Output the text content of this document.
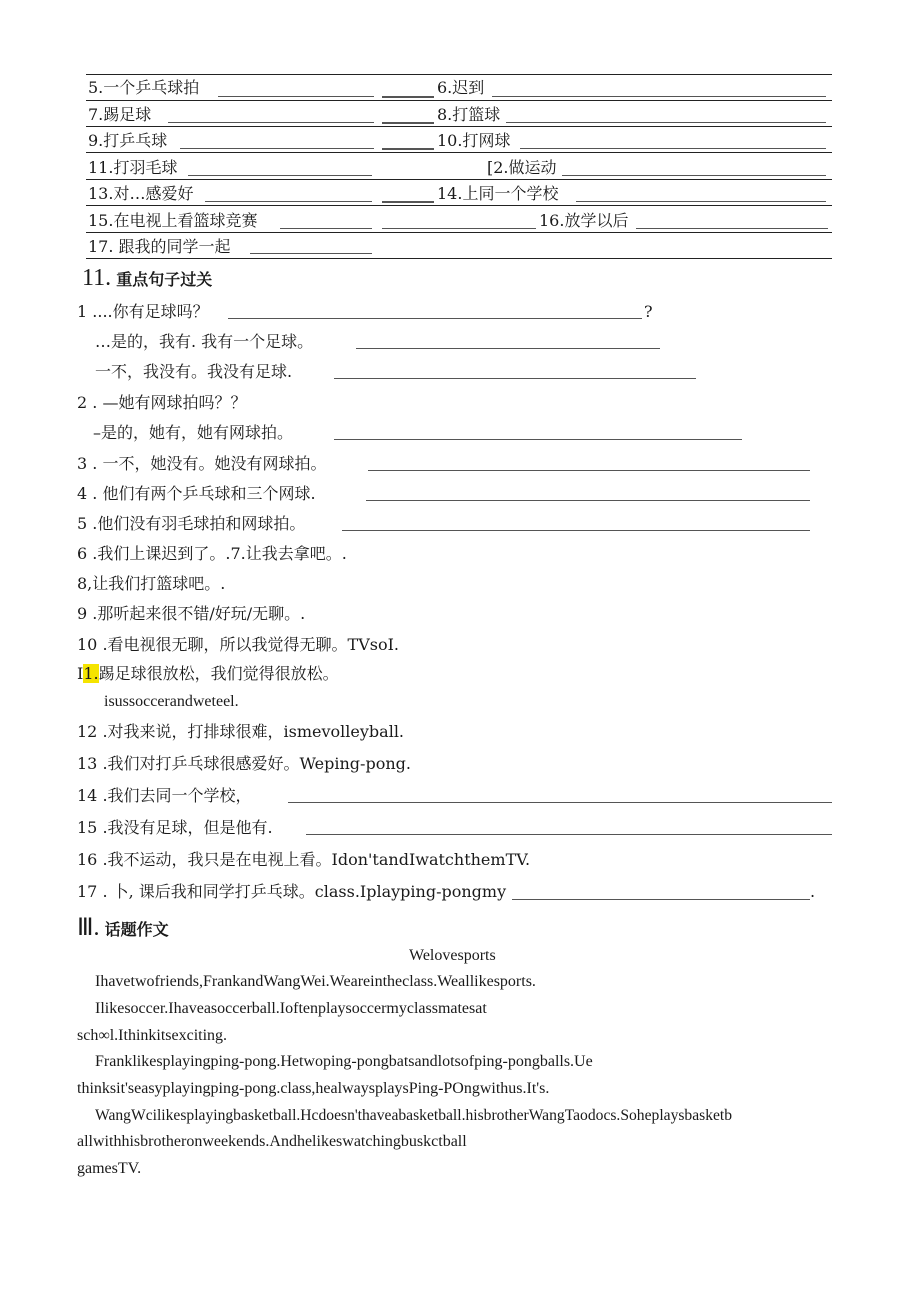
5.一个乒乓球拍	6.迟到
7.踢足球	8.打篮球
9.打乒乓球	10.打网球
11.打羽毛球	[2.做运动
13.对…感爱好	14.上同一个学校
15.在电视上看篮球竞赛	16.放学以后
17. 跟我的同学一起
11. 重点句子过关
1 ....你有足球吗？	?
…是的，我有. 我有一个足球。
一不，我没有。我没有足球.
2 . —她有网球拍吗？？
–是的，她有，她有网球拍。
3 . 一不，她没有。她没有网球拍。
4 . 他们有两个乒乓球和三个网球.
5 .他们没有羽毛球拍和网球拍。
6 .我们上课迟到了。.7.让我去拿吧。.
8,让我们打篮球吧。.
9 .那听起来很不错/好玩/无聊。.
10 .看电视很无聊，所以我觉得无聊。TVsoI.
I1.踢足球很放松，我们觉得很放松。
isussoccerandweteel.
12 .对我来说，打排球很难，ismevolleyball.
13 .我们对打乒乓球很感爱好。Weping-pong.
14 .我们去同一个学校，
15 .我没有足球，但是他有.
16 .我不运动，我只是在电视上看。Idon'tandIwatchthemTV.
17 . 卜, 课后我和同学打乒乓球。class.Iplayping-pongmy	.
Ⅲ. 话题作文
Welovesports
Ihavetwofriends,FrankandWangWei.Weareintheclass.Weallikesports.
Ilikesoccer.Ihaveasoccerball.Ioftenplaysoccermyclassmatesat
sch∞l.Ithinkitsexciting.
Franklikesplayingping-pong.Hetwoping-pongbatsandlotsofping-pongballs.Ue
thinksit'seasyplayingping-pong.class,healwaysplaysPing-POngwithus.It's.
WangWcilikesplayingbasketball.Hcdoesn'thaveabasketball.hisbrotherWangTaodocs.Soheplaysbasketb
allwithhisbrotheronweekends.Andhelikeswatchingbuskctball
gamesTV.
